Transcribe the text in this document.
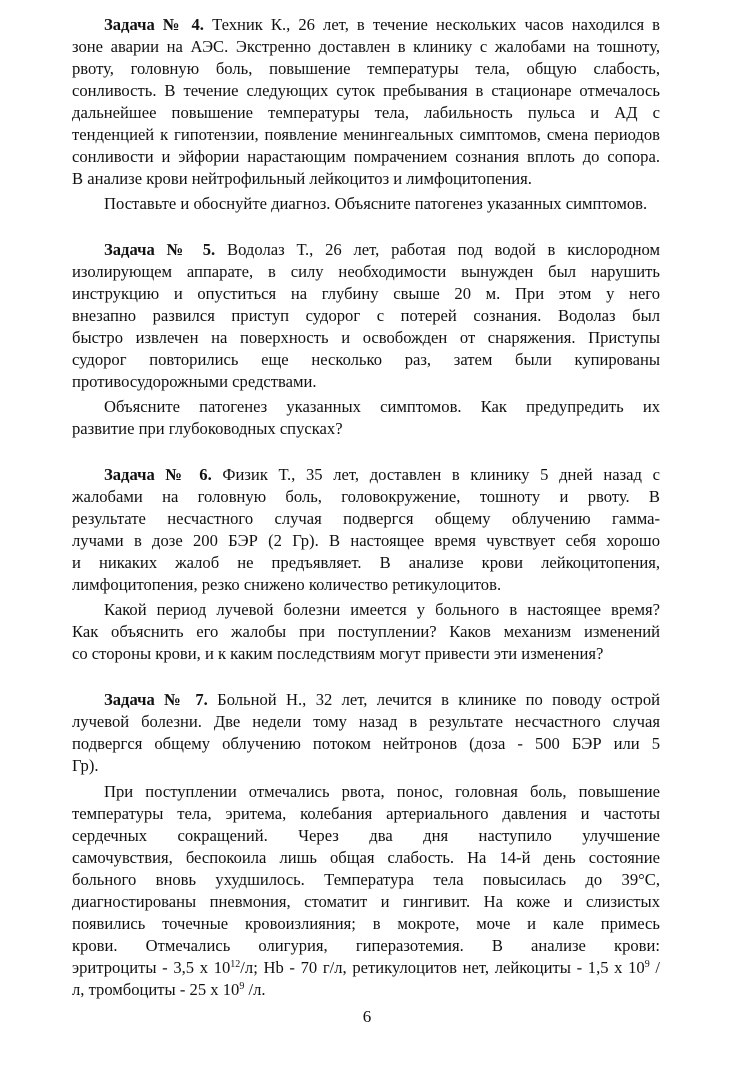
Задача № 4. Техник К., 26 лет, в течение нескольких часов находился в
зоне аварии на АЭС. Экстренно доставлен в клинику с жалобами на тошноту,
рвоту, головную боль, повышение температуры тела, общую слабость,
сонливость. В течение следующих суток пребывания в стационаре отмечалось
дальнейшее повышение температуры тела, лабильность пульса и АД с
тенденцией к гипотензии, появление менингеальных симптомов, смена периодов
сонливости и эйфории нарастающим помрачением сознания вплоть до сопора.
В анализе крови нейтрофильный лейкоцитоз и лимфоцитопения.
Поставьте и обоснуйте диагноз. Объясните патогенез указанных симптомов.
Задача № 5. Водолаз Т., 26 лет, работая под водой в кислородном
изолирующем аппарате, в силу необходимости вынужден был нарушить
инструкцию и опуститься на глубину свыше 20 м. При этом у него
внезапно развился приступ судорог с потерей сознания. Водолаз был
быстро извлечен на поверхность и освобожден от снаряжения. Приступы
судорог повторились еще несколько раз, затем были купированы
противосудорожными средствами.
Объясните патогенез указанных симптомов. Как предупредить их
развитие при глубоководных спусках?
Задача № 6. Физик Т., 35 лет, доставлен в клинику 5 дней назад с
жалобами на головную боль, головокружение, тошноту и рвоту. В
результате несчастного случая подвергся общему облучению гамма-
лучами в дозе 200 БЭР (2 Гр). В настоящее время чувствует себя хорошо
и никаких жалоб не предъявляет. В анализе крови лейкоцитопения,
лимфоцитопения, резко снижено количество ретикулоцитов.
Какой период лучевой болезни имеется у больного в настоящее время?
Как объяснить его жалобы при поступлении? Каков механизм изменений
со стороны крови, и к каким последствиям могут привести эти изменения?
Задача № 7. Больной Н., 32 лет, лечится в клинике по поводу острой
лучевой болезни. Две недели тому назад в результате несчастного случая
подвергся общему облучению потоком нейтронов (доза - 500 БЭР или 5
Гр).
При поступлении отмечались рвота, понос, головная боль, повышение
температуры тела, эритема, колебания артериального давления и частоты
сердечных сокращений. Через два дня наступило улучшение
самочувствия, беспокоила лишь общая слабость. На 14-й день состояние
больного вновь ухудшилось. Температура тела повысилась до 39°С,
диагностированы пневмония, стоматит и гингивит. На коже и слизистых
появились точечные кровоизлияния; в мокроте, моче и кале примесь
крови. Отмечались олигурия, гиперазотемия. В анализе крови:
эритроциты - 3,5 х $10^{12}/л$; Hb - 70 г/л, ретикулоцитов нет, лейкоциты - 1,5 х $10^9$ /
л, тромбоциты - 25 х $10^9$ /л.
6
